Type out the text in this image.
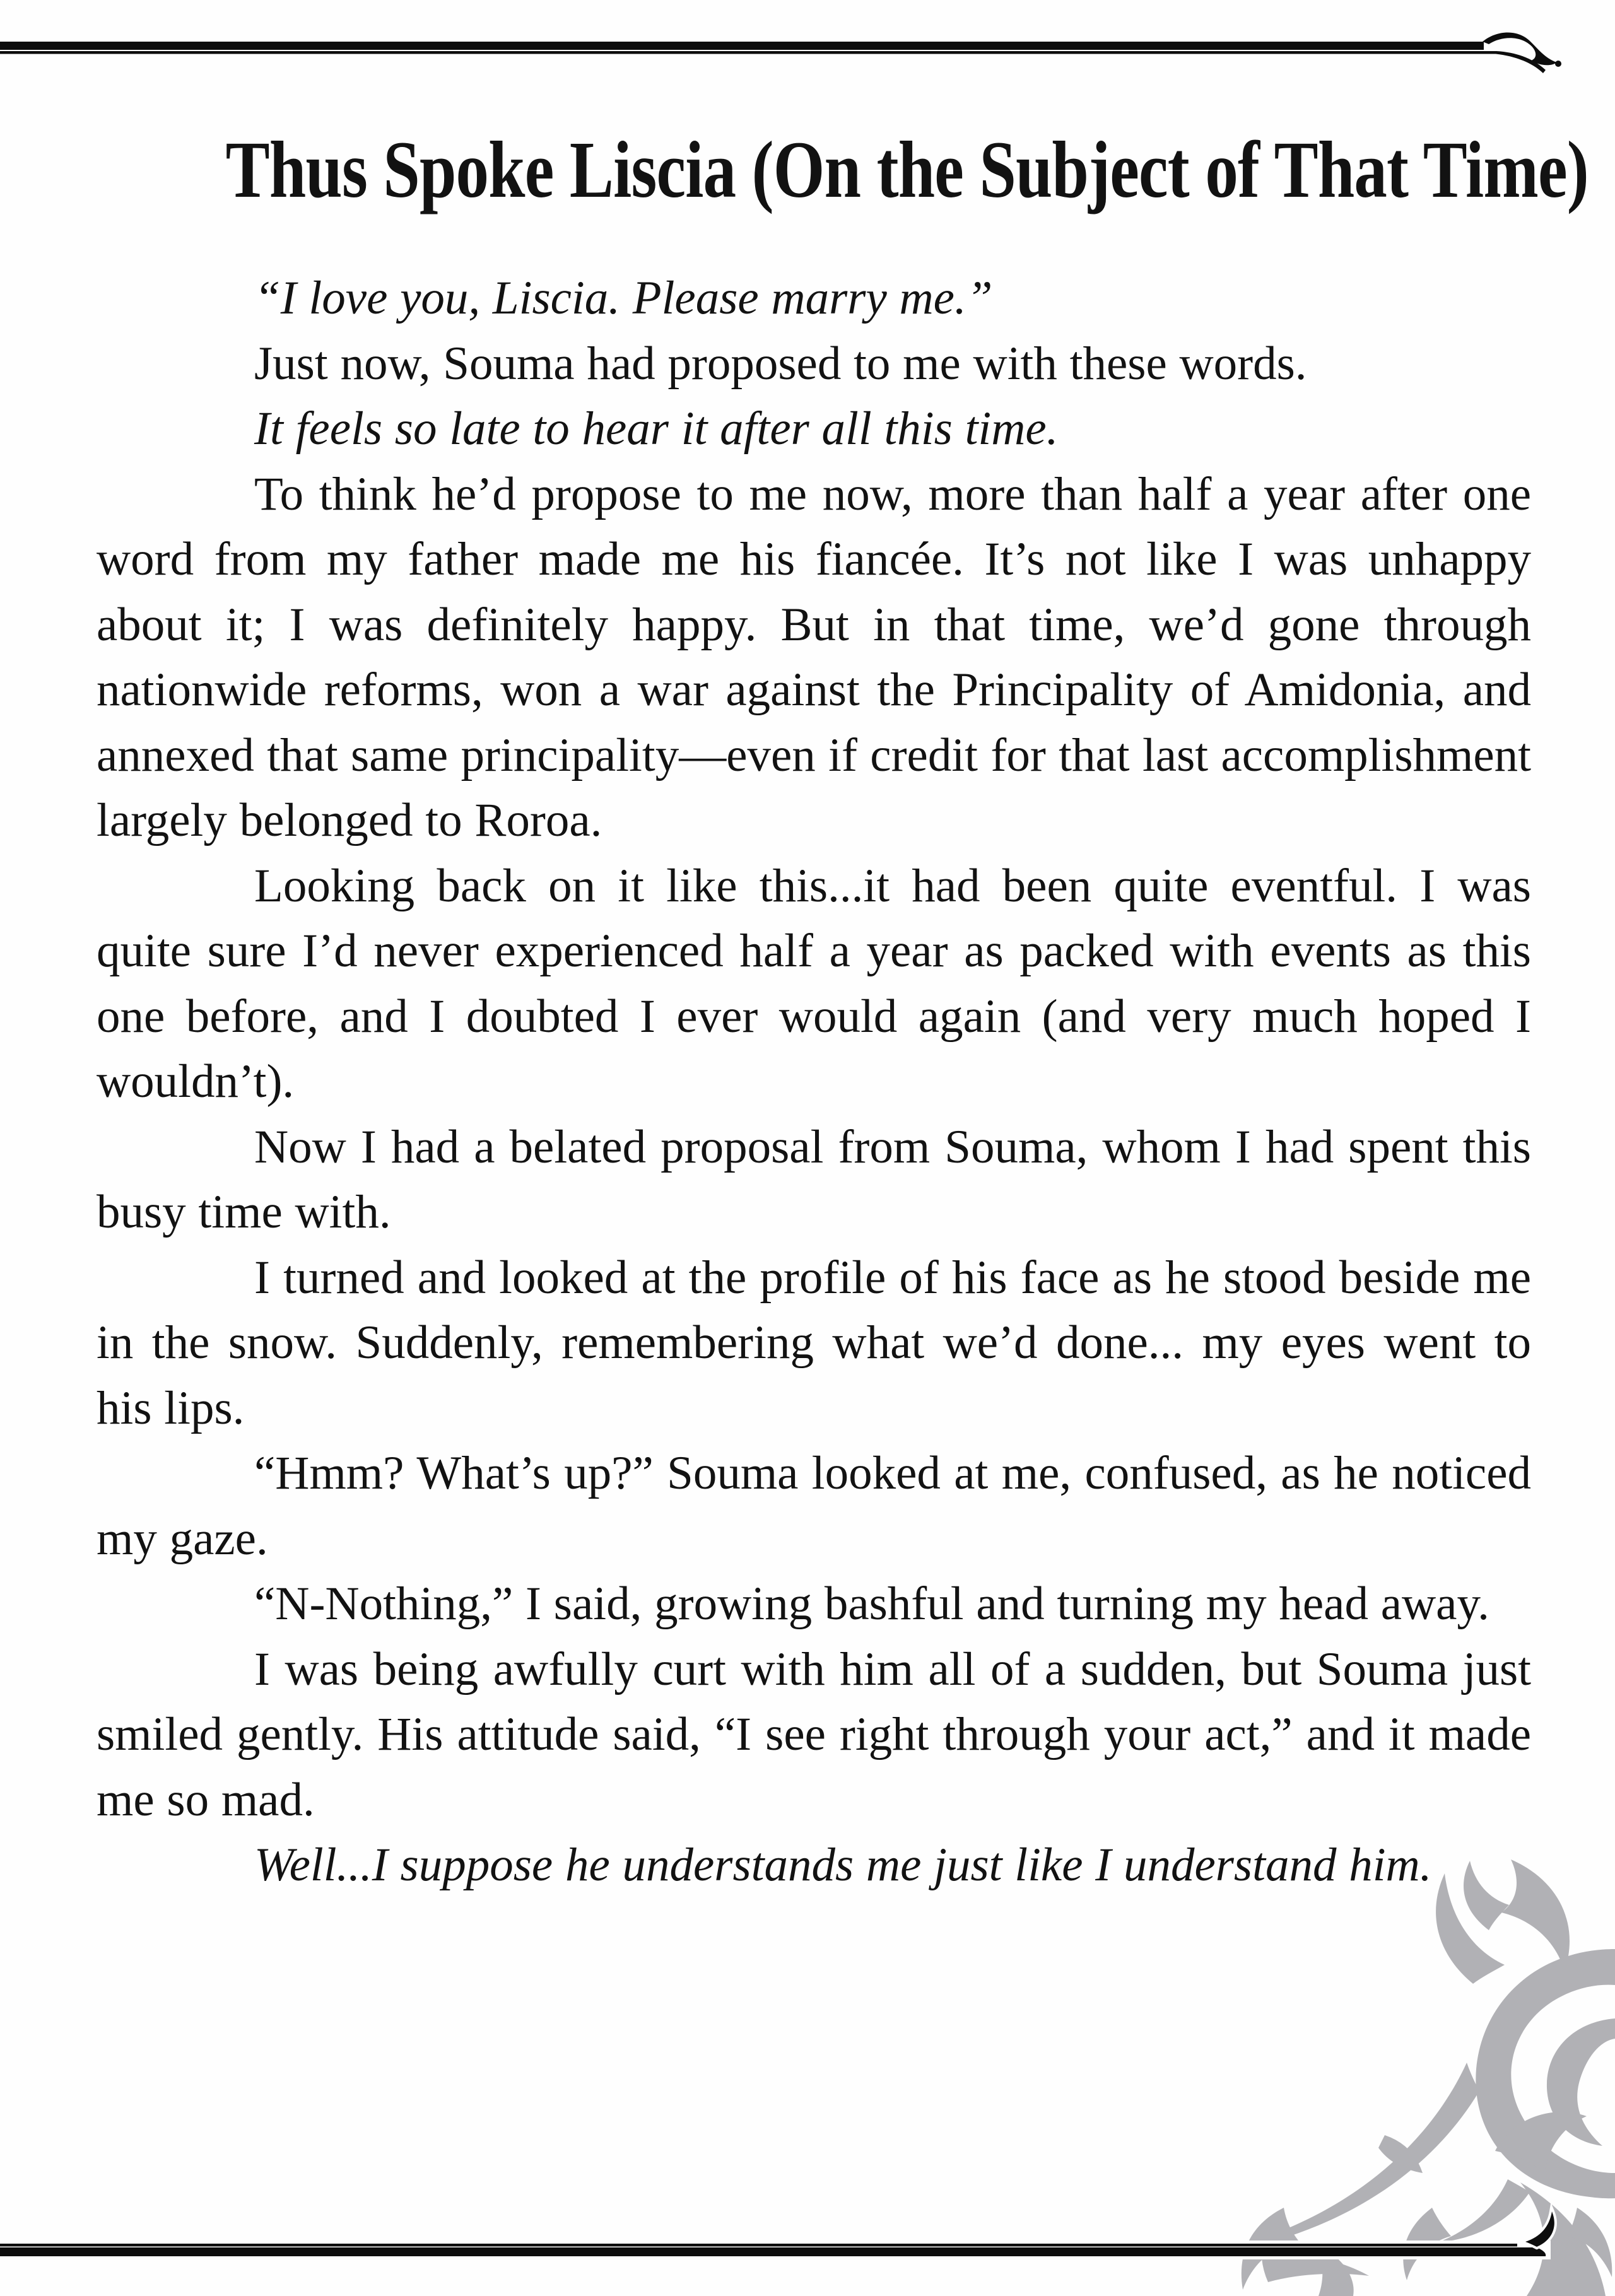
Thus Spoke Liscia (On the Subject of That Time)

“I love you, Liscia. Please marry me.”

Just now, Souma had proposed to me with these words.

It feels so late to hear it after all this time.

To think he’d propose to me now, more than half a year after one word from my father made me his fiancée. It’s not like I was unhappy about it; I was definitely happy. But in that time, we’d gone through nationwide reforms, won a war against the Principality of Amidonia, and annexed that same principality—even if credit for that last accomplishment largely belonged to Roroa.

Looking back on it like this...it had been quite eventful. I was quite sure I’d never experienced half a year as packed with events as this one before, and I doubted I ever would again (and very much hoped I wouldn’t).

Now I had a belated proposal from Souma, whom I had spent this busy time with.

I turned and looked at the profile of his face as he stood beside me in the snow. Suddenly, remembering what we’d done... my eyes went to his lips.

“Hmm? What’s up?” Souma looked at me, confused, as he noticed my gaze.

“N-Nothing,” I said, growing bashful and turning my head away.

I was being awfully curt with him all of a sudden, but Souma just smiled gently. His attitude said, “I see right through your act,” and it made me so mad.

Well...I suppose he understands me just like I understand him.
